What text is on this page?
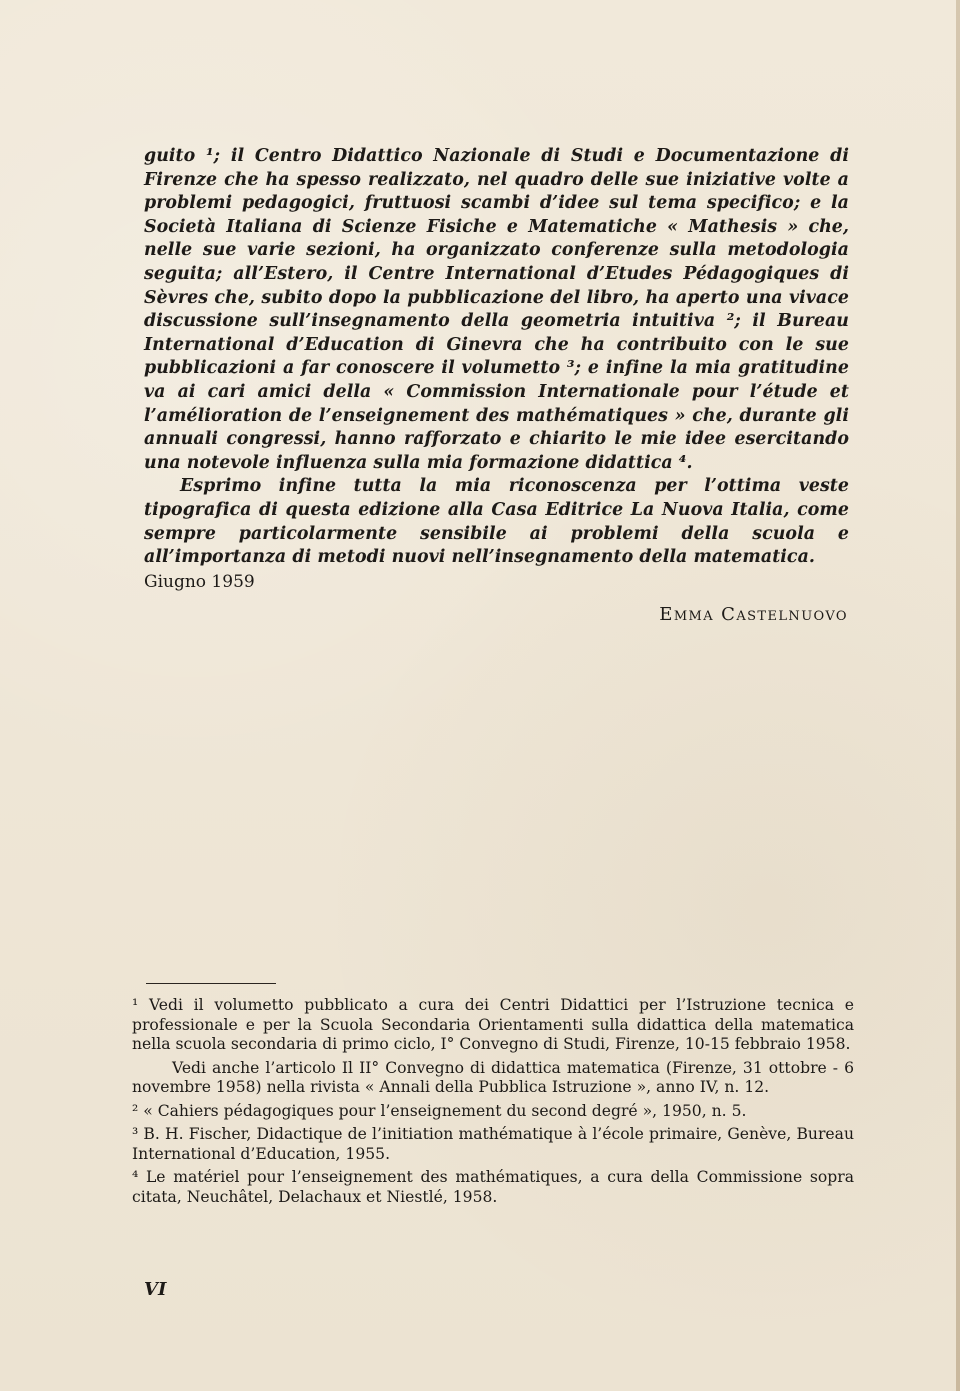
guito ¹; il Centro Didattico Nazionale di Studi e Documentazione di Firenze che ha spesso realizzato, nel quadro delle sue iniziative volte a problemi pedagogici, fruttuosi scambi d’idee sul tema specifico; e la Società Italiana di Scienze Fisiche e Matematiche « Mathesis » che, nelle sue varie sezioni, ha organizzato conferenze sulla metodologia seguita; all’Estero, il Centre International d’Etudes Pédagogiques di Sèvres che, subito dopo la pubblicazione del libro, ha aperto una vivace discussione sull’insegnamento della geometria intuitiva ²; il Bureau International d’Education di Ginevra che ha contribuito con le sue pubblicazioni a far conoscere il volumetto ³; e infine la mia gratitudine va ai cari amici della « Commission Internationale pour l’étude et l’amélioration de l’enseignement des mathématiques » che, durante gli annuali congressi, hanno rafforzato e chiarito le mie idee esercitando una notevole influenza sulla mia formazione didattica ⁴.

Esprimo infine tutta la mia riconoscenza per l’ottima veste tipografica di questa edizione alla Casa Editrice La Nuova Italia, come sempre particolarmente sensibile ai problemi della scuola e all’importanza di metodi nuovi nell’insegnamento della matematica.

Giugno 1959
Emma Castelnuovo

¹ Vedi il volumetto pubblicato a cura dei Centri Didattici per l’Istruzione tecnica e professionale e per la Scuola Secondaria Orientamenti sulla didattica della matematica nella scuola secondaria di primo ciclo, I° Convegno di Studi, Firenze, 10-15 febbraio 1958.

Vedi anche l’articolo Il II° Convegno di didattica matematica (Firenze, 31 ottobre - 6 novembre 1958) nella rivista « Annali della Pubblica Istruzione », anno IV, n. 12.

² « Cahiers pédagogiques pour l’enseignement du second degré », 1950, n. 5.

³ B. H. Fischer, Didactique de l’initiation mathématique à l’école primaire, Genève, Bureau International d’Education, 1955.

⁴ Le matériel pour l’enseignement des mathématiques, a cura della Commissione sopra citata, Neuchâtel, Delachaux et Niestlé, 1958.

VI
